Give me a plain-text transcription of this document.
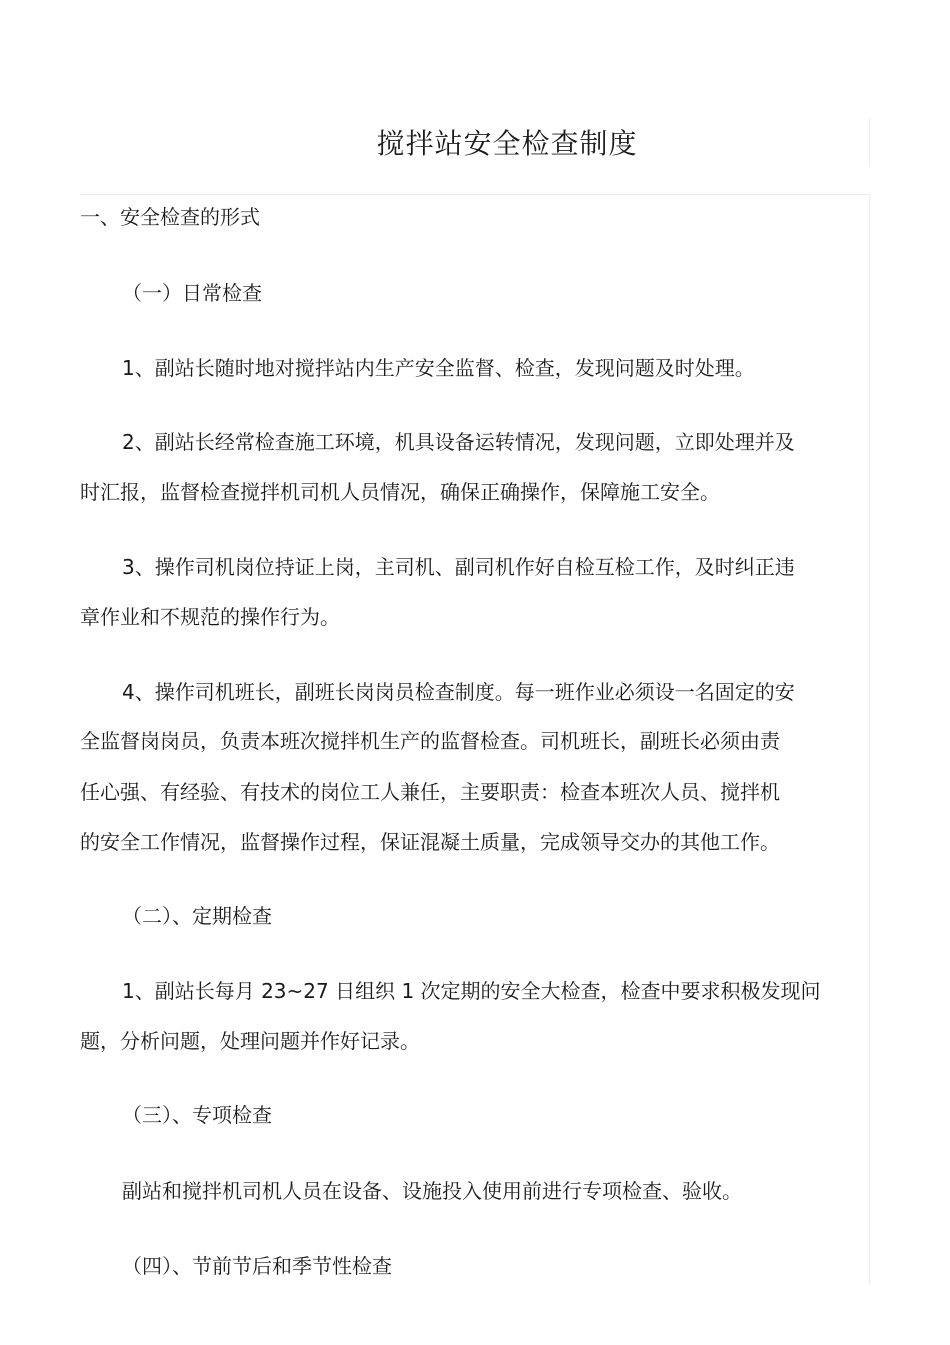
搅拌站安全检查制度

一、安全检查的形式

（一）日常检查

1、副站长随时地对搅拌站内生产安全监督、检查，发现问题及时处理。

2、副站长经常检查施工环境，机具设备运转情况，发现问题，立即处理并及

时汇报，监督检查搅拌机司机人员情况，确保正确操作，保障施工安全。

3、操作司机岗位持证上岗，主司机、副司机作好自检互检工作，及时纠正违

章作业和不规范的操作行为。

4、操作司机班长，副班长岗岗员检查制度。每一班作业必须设一名固定的安

全监督岗岗员，负责本班次搅拌机生产的监督检查。司机班长，副班长必须由责

任心强、有经验、有技术的岗位工人兼任，主要职责：检查本班次人员、搅拌机

的安全工作情况，监督操作过程，保证混凝土质量，完成领导交办的其他工作。

（二）、定期检查

1、副站长每月 23~27 日组织 1 次定期的安全大检查，检查中要求积极发现问

题，分析问题，处理问题并作好记录。

（三）、专项检查

副站和搅拌机司机人员在设备、设施投入使用前进行专项检查、验收。

（四）、节前节后和季节性检查
